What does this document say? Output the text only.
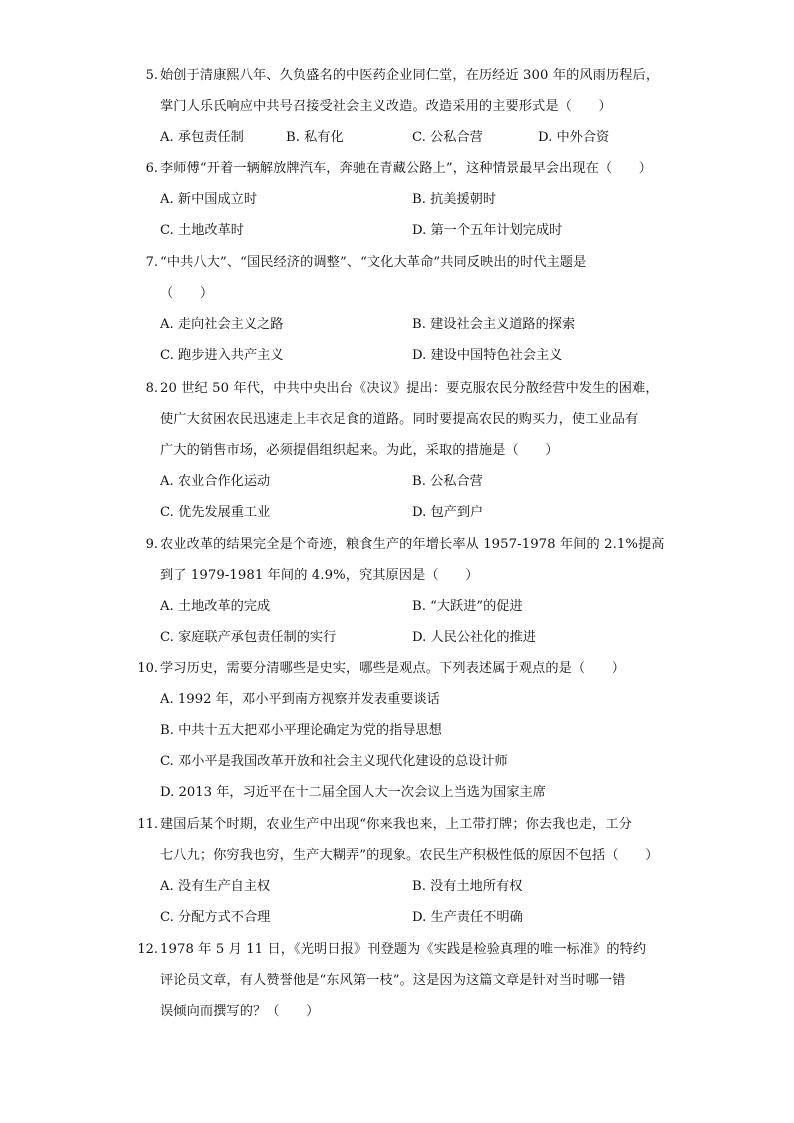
5. 始创于清康熙八年、久负盛名的中医药企业同仁堂，在历经近 300 年的风雨历程后，
掌门人乐氏响应中共号召接受社会主义改造。改造采用的主要形式是（　　）
A. 承包责任制	B. 私有化	C. 公私合营	D. 中外合资
6. 李师傅“开着一辆解放牌汽车，奔驰在青藏公路上”，这种情景最早会出现在（　　）
A. 新中国成立时	B. 抗美援朝时
C. 土地改革时	D. 第一个五年计划完成时
7. “中共八大”、“国民经济的调整”、“文化大革命”共同反映出的时代主题是
（　　）
A. 走向社会主义之路	B. 建设社会主义道路的探索
C. 跑步进入共产主义	D. 建设中国特色社会主义
8. 20 世纪 50 年代，中共中央出台《决议》提出：要克服农民分散经营中发生的困难，
使广大贫困农民迅速走上丰衣足食的道路。同时要提高农民的购买力，使工业品有
广大的销售市场，必须提倡组织起来。为此，采取的措施是（　　）
A. 农业合作化运动	B. 公私合营
C. 优先发展重工业	D. 包产到户
9. 农业改革的结果完全是个奇迹，粮食生产的年增长率从 1957-1978 年间的 2.1%提高
到了 1979-1981 年间的 4.9%，究其原因是（　　）
A. 土地改革的完成	B. “大跃进”的促进
C. 家庭联产承包责任制的实行	D. 人民公社化的推进
10. 学习历史，需要分清哪些是史实，哪些是观点。下列表述属于观点的是（　　）
A. 1992 年，邓小平到南方视察并发表重要谈话
B. 中共十五大把邓小平理论确定为党的指导思想
C. 邓小平是我国改革开放和社会主义现代化建设的总设计师
D. 2013 年，习近平在十二届全国人大一次会议上当选为国家主席
11. 建国后某个时期，农业生产中出现“你来我也来，上工带打牌；你去我也走，工分
七八九；你穷我也穷，生产大糊弄”的现象。农民生产积极性低的原因不包括（　　）
A. 没有生产自主权	B. 没有土地所有权
C. 分配方式不合理	D. 生产责任不明确
12. 1978 年 5 月 11 日，《光明日报》刊登题为《实践是检验真理的唯一标准》的特约
评论员文章，有人赞誉他是“东风第一枝”。这是因为这篇文章是针对当时哪一错
误倾向而撰写的？（　　）
